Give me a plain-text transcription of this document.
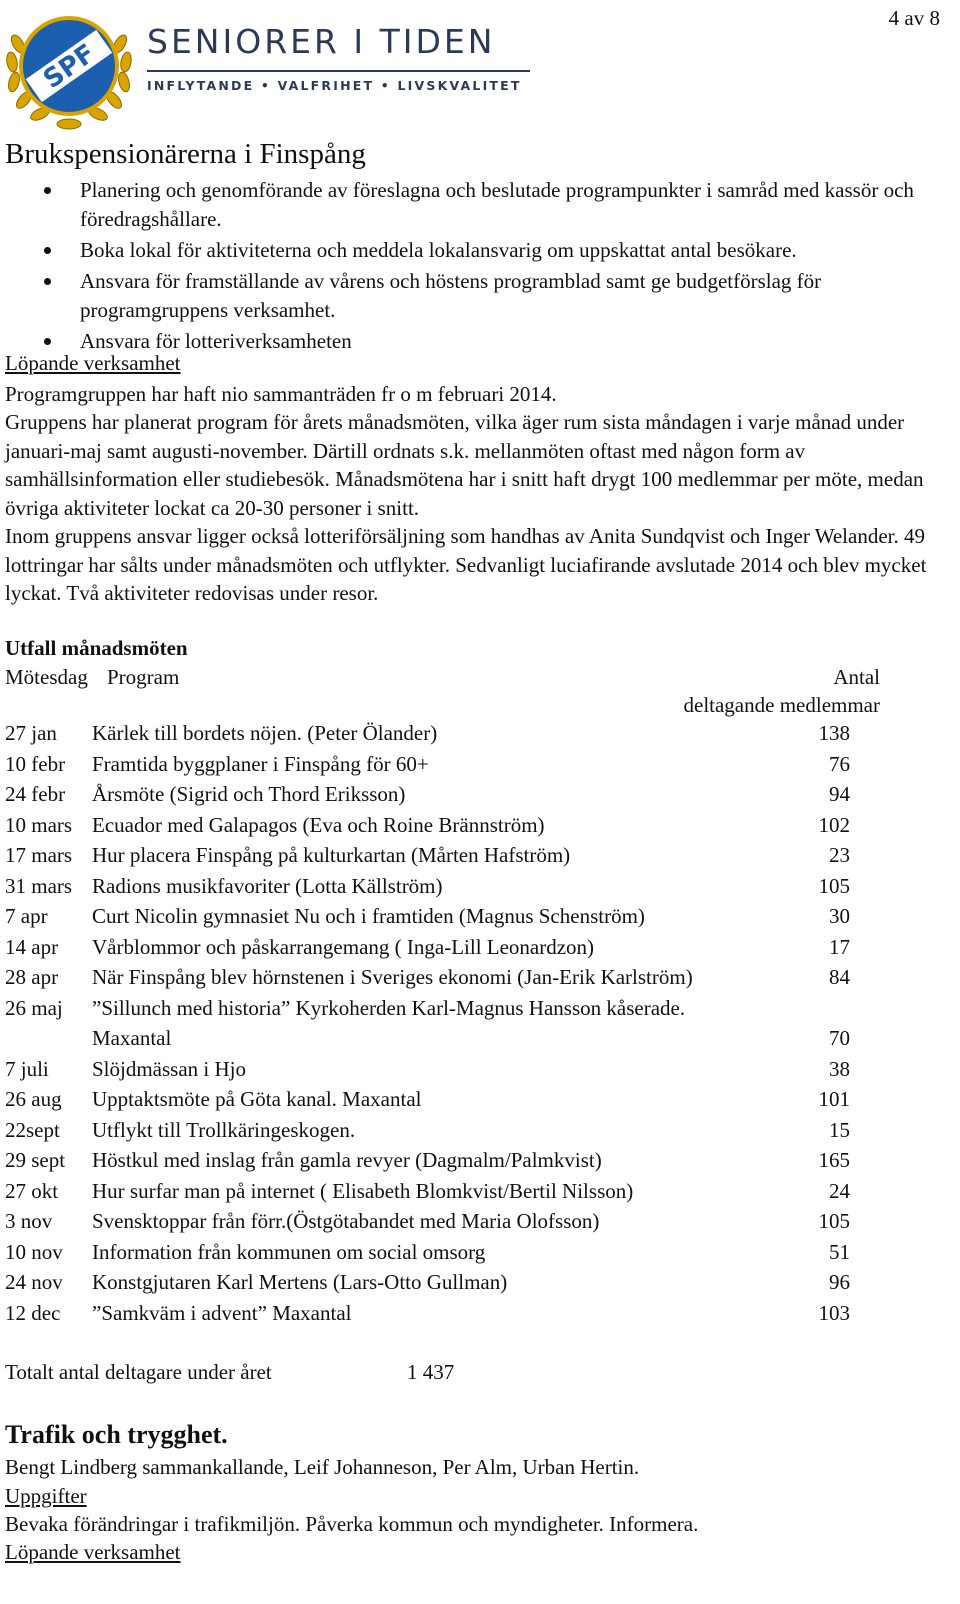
4 av 8
SPF SENIORER I TIDEN
INFLYTANDE • VALFRIHET • LIVSKVALITET
Brukspensionärerna i Finspång
Planering och genomförande av föreslagna och beslutade programpunkter i samråd med kassör och föredragshållare.
Boka lokal för aktiviteterna och meddela lokalansvarig om uppskattat antal besökare.
Ansvara för framställande av vårens och höstens programblad samt ge budgetförslag för programgruppens verksamhet.
Ansvara för lotteriverksamheten
Löpande verksamhet
Programgruppen har haft nio sammanträden fr o m februari 2014.
Gruppens har planerat program för årets månadsmöten, vilka äger rum sista måndagen i varje månad under januari-maj samt augusti-november. Därtill ordnats s.k. mellanmöten oftast med någon form av samhällsinformation eller studiebesök. Månadsmötena har i snitt haft drygt 100 medlemmar per möte, medan övriga aktiviteter lockat ca 20-30 personer i snitt.
Inom gruppens ansvar ligger också lotteriförsäljning som handhas av Anita Sundqvist och Inger Welander. 49 lottringar har sålts under månadsmöten och utflykter. Sedvanligt luciafirande avslutade 2014 och blev mycket lyckat. Två aktiviteter redovisas under resor.
Utfall månadsmöten
Mötesdag Program	Antal
deltagande medlemmar
27 jan	Kärlek till bordets nöjen. (Peter Ölander)	138
10 febr	Framtida byggplaner i Finspång för 60+	76
24 febr	Årsmöte (Sigrid och Thord Eriksson)	94
10 mars Ecuador med Galapagos (Eva och Roine Brännström)	102
17 mars Hur placera Finspång på kulturkartan (Mårten Hafström)	23
31 mars Radions musikfavoriter (Lotta Källström)	105
7 apr	Curt Nicolin gymnasiet Nu och i framtiden (Magnus Schenström)	30
14 apr	Vårblommor och påskarrangemang ( Inga-Lill Leonardzon)	17
28 apr	När Finspång blev hörnstenen i Sveriges ekonomi (Jan-Erik Karlström)	84
26 maj	”Sillunch med historia” Kyrkoherden Karl-Magnus Hansson kåserade.
Maxantal	70
7 juli	Slöjdmässan i Hjo	38
26 aug	Upptaktsmöte på Göta kanal. Maxantal	101
22sept	Utflykt till Trollkäringeskogen.	15
29 sept	Höstkul med inslag från gamla revyer (Dagmalm/Palmkvist)	165
27 okt	Hur surfar man på internet ( Elisabeth Blomkvist/Bertil Nilsson)	24
3 nov	Svensktoppar från förr.(Östgötabandet med Maria Olofsson)	105
10 nov	Information från kommunen om social omsorg	51
24 nov	Konstgjutaren Karl Mertens (Lars-Otto Gullman)	96
12 dec	”Samkväm i advent” Maxantal	103
Totalt antal deltagare under året	1 437
Trafik och trygghet.
Bengt Lindberg sammankallande, Leif Johanneson, Per Alm, Urban Hertin.
Uppgifter
Bevaka förändringar i trafikmiljön. Påverka kommun och myndigheter. Informera.
Löpande verksamhet
